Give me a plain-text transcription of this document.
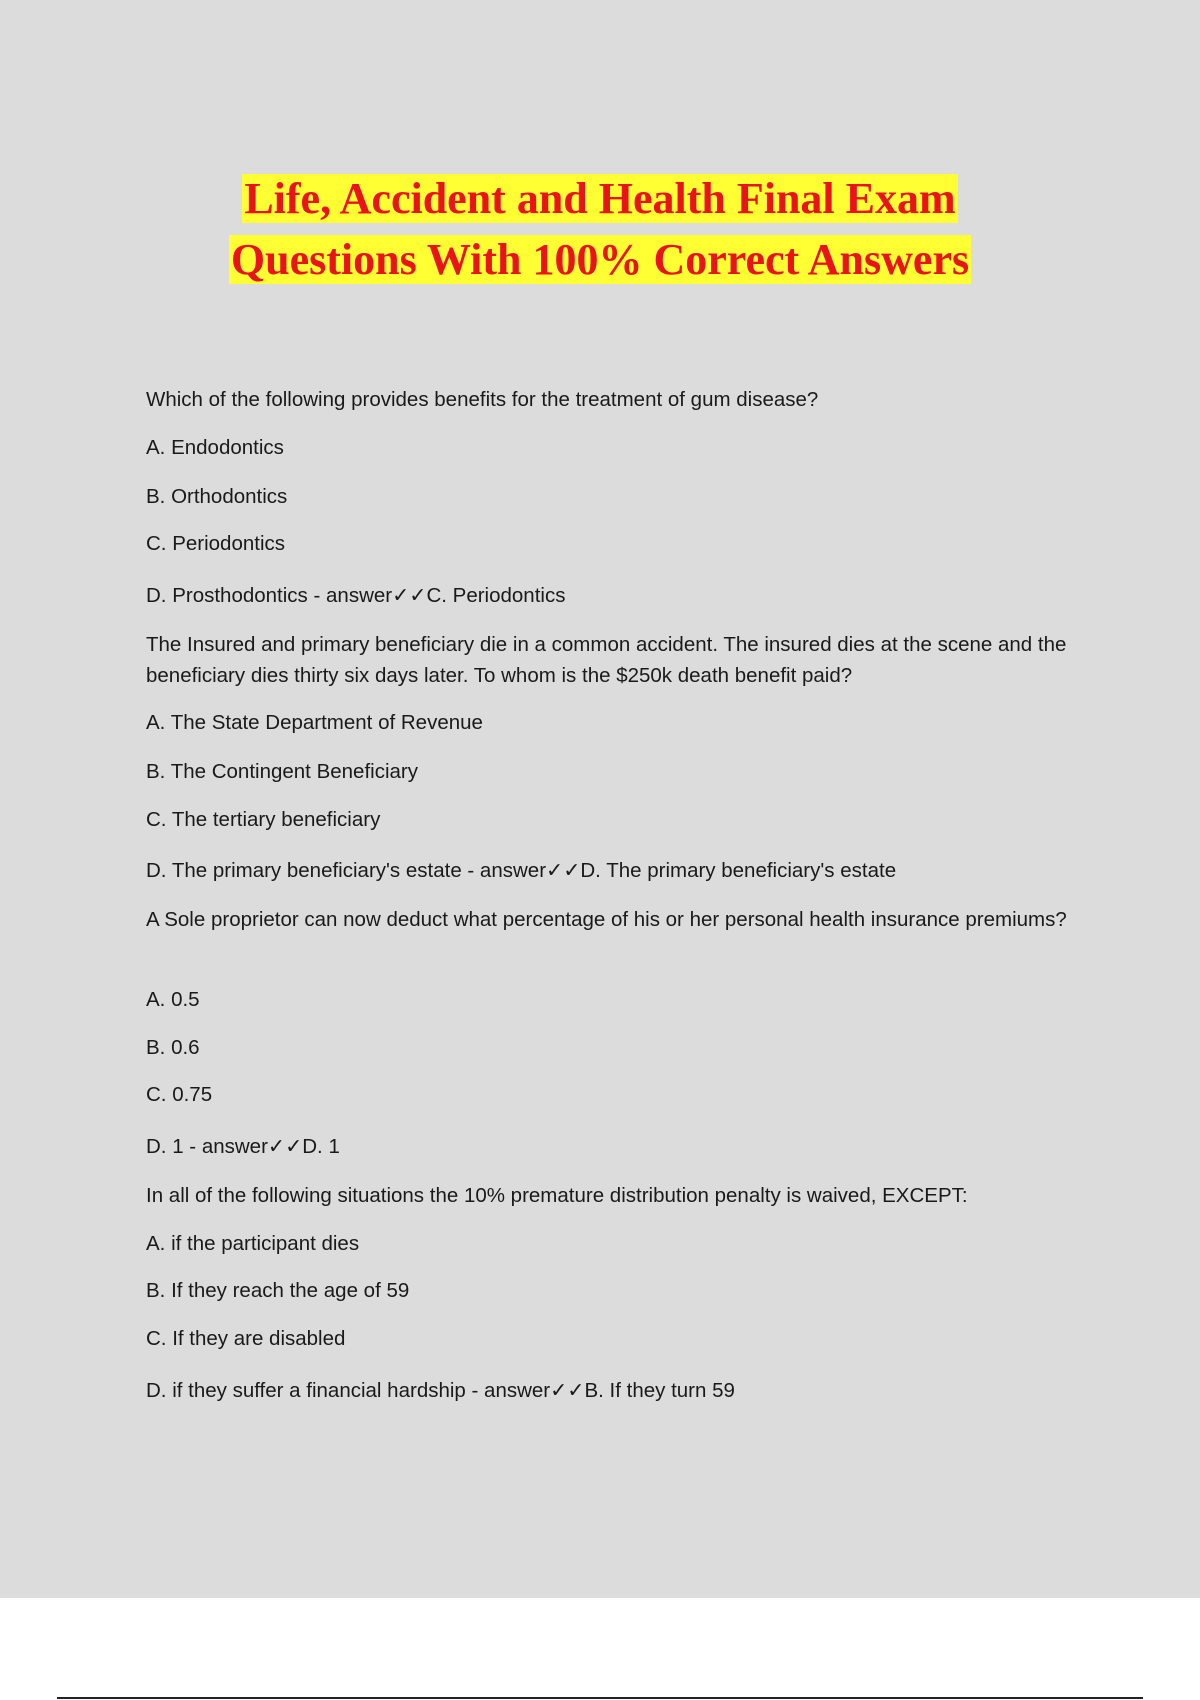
Life, Accident and Health Final Exam
Questions With 100% Correct Answers
Which of the following provides benefits for the treatment of gum disease?
A. Endodontics
B. Orthodontics
C. Periodontics
D. Prosthodontics - answer✓✓C. Periodontics
The Insured and primary beneficiary die in a common accident. The insured dies at the scene and the beneficiary dies thirty six days later. To whom is the $250k death benefit paid?
A. The State Department of Revenue
B. The Contingent Beneficiary
C. The tertiary beneficiary
D. The primary beneficiary's estate - answer✓✓D. The primary beneficiary's estate
A Sole proprietor can now deduct what percentage of his or her personal health insurance premiums?
A. 0.5
B. 0.6
C. 0.75
D. 1 - answer✓✓D. 1
In all of the following situations the 10% premature distribution penalty is waived, EXCEPT:
A. if the participant dies
B. If they reach the age of 59
C. If they are disabled
D. if they suffer a financial hardship - answer✓✓B. If they turn 59
